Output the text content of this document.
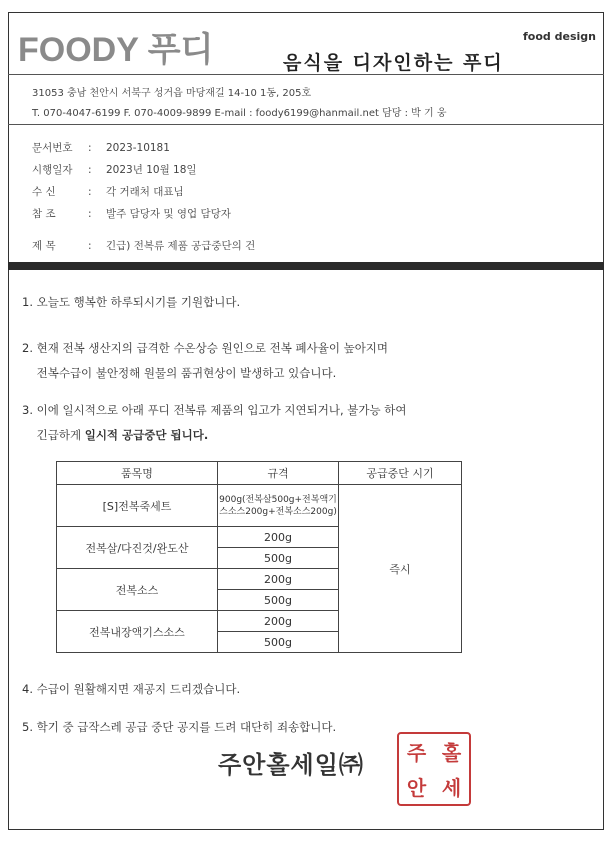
FOODY 푸디	food design
음식을 디자인하는 푸디
31053 충남 천안시 서북구 성거읍 마당재길 14-10 1동, 205호
T. 070-4047-6199 F. 070-4009-9899 E-mail : foody6199@hanmail.net 담당 : 박 기 웅
문서번호 : 2023-10181
시행일자 : 2023년 10월 18일
수 신	: 각 거래처 대표님
참 조	: 발주 담당자 및 영업 담당자
제 목	: 긴급) 전복류 제품 공급중단의 건
1. 오늘도 행복한 하루되시기를 기원합니다.
2. 현재 전복 생산지의 급격한 수온상승 원인으로 전복 폐사율이 높아지며
전복수급이 불안정해 원물의 품귀현상이 발생하고 있습니다.
3. 이에 일시적으로 아래 푸디 전복류 제품의 입고가 지연되거나, 불가능 하여
긴급하게 일시적 공급중단 됩니다.
품목명	규격	공급중단 시기
[S]전복죽세트	900g(전복살500g+전복액기스소스200g+전복소스200g)	즉시
전복살/다진것/완도산	200g	
	500g	
전복소스	200g	
	500g	
전복내장액기스소스	200g	
	500g	
4. 수급이 원활해지면 재공지 드리겠습니다.
5. 학기 중 급작스레 공급 중단 공지를 드려 대단히 죄송합니다.
주안홀세일㈜	주 홀
안 세
